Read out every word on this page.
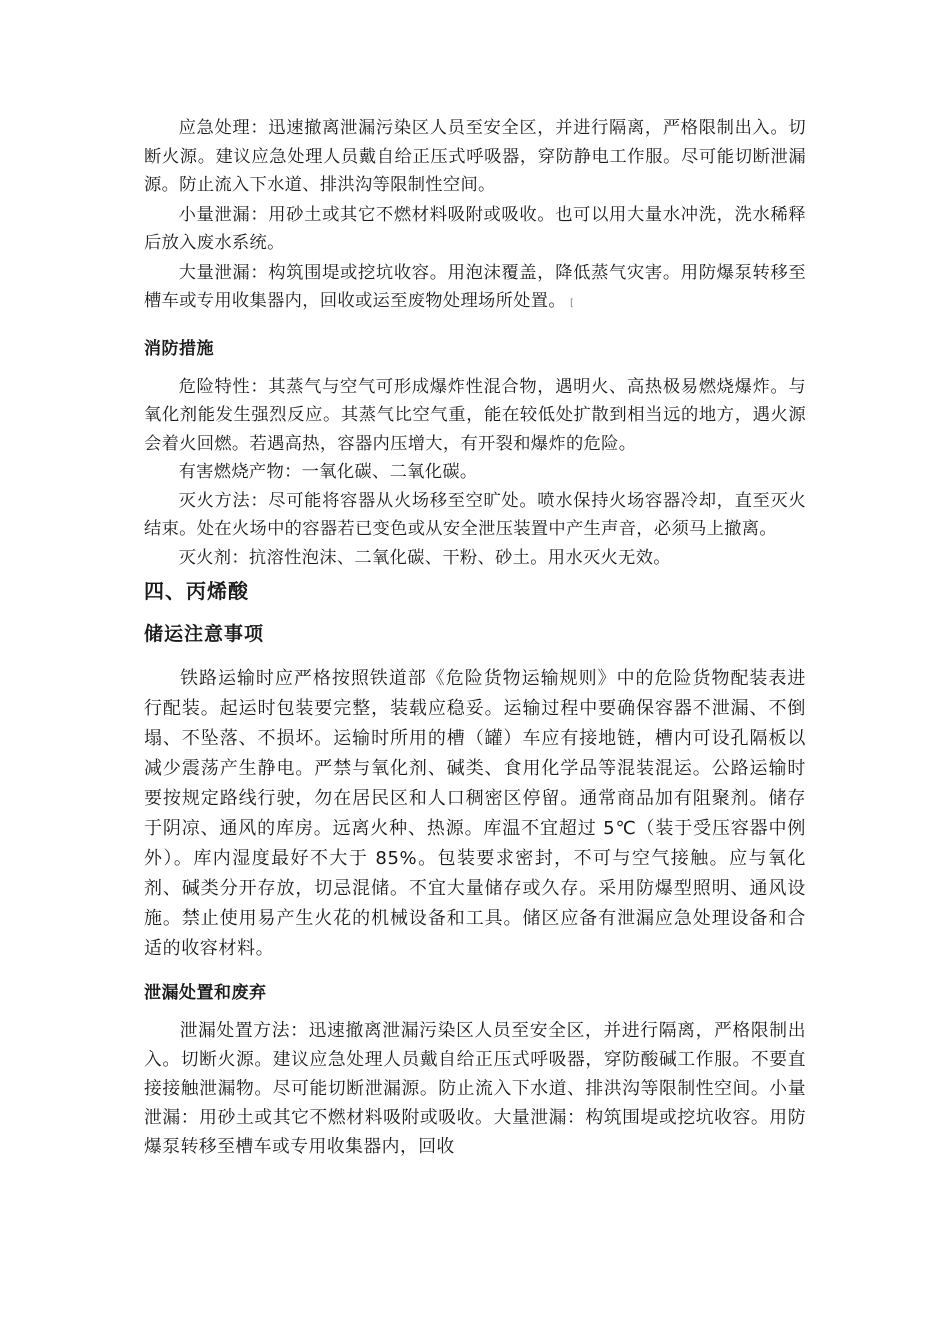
应急处理：迅速撤离泄漏污染区人员至安全区，并进行隔离，严格限制出入。切断火源。建议应急处理人员戴自给正压式呼吸器，穿防静电工作服。尽可能切断泄漏源。防止流入下水道、排洪沟等限制性空间。

小量泄漏：用砂土或其它不燃材料吸附或吸收。也可以用大量水冲洗，洗水稀释后放入废水系统。

大量泄漏：构筑围堤或挖坑收容。用泡沫覆盖，降低蒸气灾害。用防爆泵转移至槽车或专用收集器内，回收或运至废物处理场所处置。 [

消防措施

危险特性：其蒸气与空气可形成爆炸性混合物，遇明火、高热极易燃烧爆炸。与氧化剂能发生强烈反应。其蒸气比空气重，能在较低处扩散到相当远的地方，遇火源会着火回燃。若遇高热，容器内压增大，有开裂和爆炸的危险。

有害燃烧产物：一氧化碳、二氧化碳。

灭火方法：尽可能将容器从火场移至空旷处。喷水保持火场容器冷却，直至灭火结束。处在火场中的容器若已变色或从安全泄压装置中产生声音，必须马上撤离。

灭火剂：抗溶性泡沫、二氧化碳、干粉、砂土。用水灭火无效。

四、丙烯酸
储运注意事项

铁路运输时应严格按照铁道部《危险货物运输规则》中的危险货物配装表进行配装。起运时包装要完整，装载应稳妥。运输过程中要确保容器不泄漏、不倒塌、不坠落、不损坏。运输时所用的槽（罐）车应有接地链，槽内可设孔隔板以减少震荡产生静电。严禁与氧化剂、碱类、食用化学品等混装混运。公路运输时要按规定路线行驶，勿在居民区和人口稠密区停留。通常商品加有阻聚剂。储存于阴凉、通风的库房。远离火种、热源。库温不宜超过 5℃（装于受压容器中例外）。库内湿度最好不大于 85%。包装要求密封，不可与空气接触。应与氧化剂、碱类分开存放，切忌混储。不宜大量储存或久存。采用防爆型照明、通风设施。禁止使用易产生火花的机械设备和工具。储区应备有泄漏应急处理设备和合适的收容材料。

泄漏处置和废弃

泄漏处置方法：迅速撤离泄漏污染区人员至安全区，并进行隔离，严格限制出入。切断火源。建议应急处理人员戴自给正压式呼吸器，穿防酸碱工作服。不要直接接触泄漏物。尽可能切断泄漏源。防止流入下水道、排洪沟等限制性空间。小量泄漏：用砂土或其它不燃材料吸附或吸收。大量泄漏：构筑围堤或挖坑收容。用防爆泵转移至槽车或专用收集器内，回收
